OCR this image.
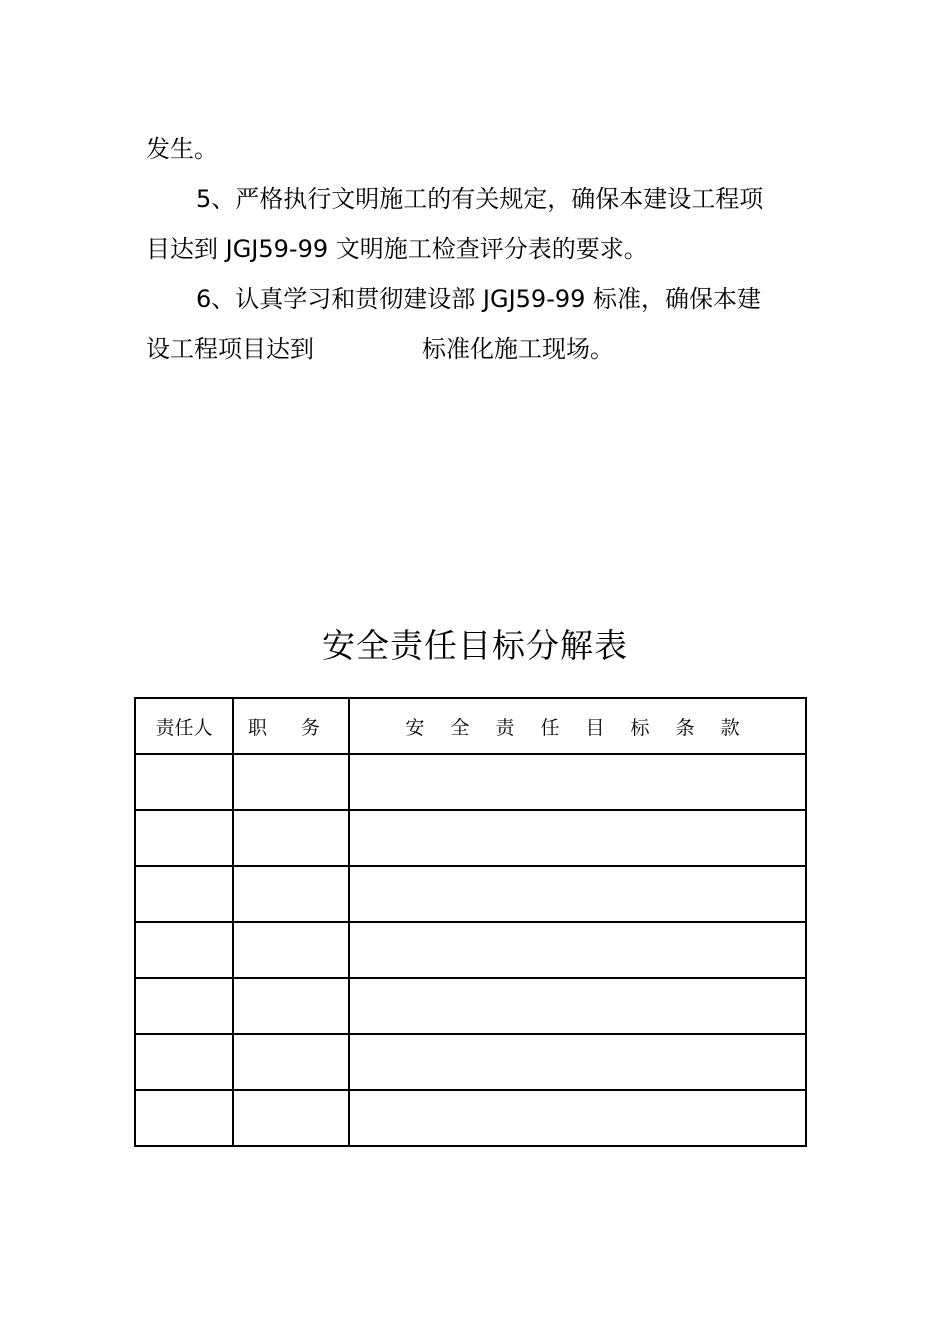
发生。
5、严格执行文明施工的有关规定，确保本建设工程项
目达到 JGJ59-99 文明施工检查评分表的要求。
6、认真学习和贯彻建设部 JGJ59-99 标准，确保本建
设工程项目达到	标准化施工现场。
安全责任目标分解表
责任人	职 务	安 全 责 任 目 标 条 款
